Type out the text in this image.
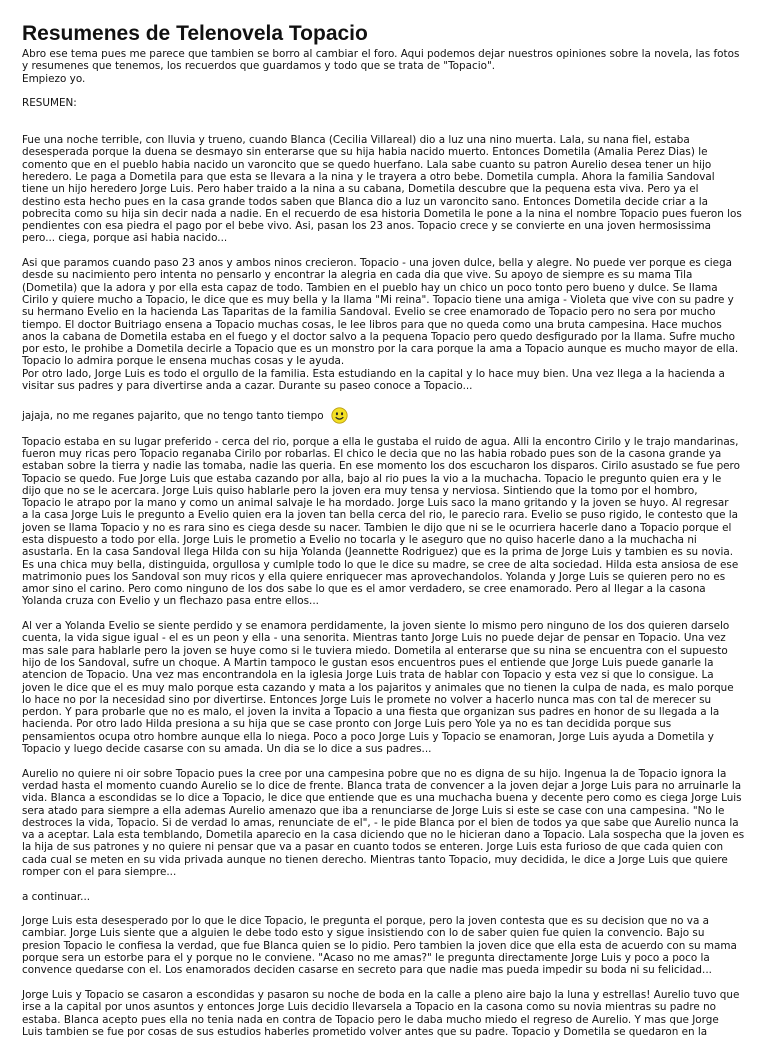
Resumenes de Telenovela Topacio
Abro ese tema pues me parece que tambien se borro al cambiar el foro. Aqui podemos dejar nuestros opiniones sobre la novela, las fotos
y resumenes que tenemos, los recuerdos que guardamos y todo que se trata de "Topacio".
Empiezo yo.
RESUMEN:
Fue una noche terrible, con lluvia y trueno, cuando Blanca (Cecilia Villareal) dio a luz una nino muerta. Lala, su nana fiel, estaba
desesperada porque la duena se desmayo sin enterarse que su hija habia nacido muerto. Entonces Dometila (Amalia Perez Dias) le
comento que en el pueblo habia nacido un varoncito que se quedo huerfano. Lala sabe cuanto su patron Aurelio desea tener un hijo
heredero. Le paga a Dometila para que esta se llevara a la nina y le trayera a otro bebe. Dometila cumpla. Ahora la familia Sandoval
tiene un hijo heredero Jorge Luis. Pero haber traido a la nina a su cabana, Dometila descubre que la pequena esta viva. Pero ya el
destino esta hecho pues en la casa grande todos saben que Blanca dio a luz un varoncito sano. Entonces Dometila decide criar a la
pobrecita como su hija sin decir nada a nadie. En el recuerdo de esa historia Dometila le pone a la nina el nombre Topacio pues fueron los
pendientes con esa piedra el pago por el bebe vivo. Asi, pasan los 23 anos. Topacio crece y se convierte en una joven hermosissima
pero... ciega, porque asi habia nacido...
Asi que paramos cuando paso 23 anos y ambos ninos crecieron. Topacio - una joven dulce, bella y alegre. No puede ver porque es ciega
desde su nacimiento pero intenta no pensarlo y encontrar la alegria en cada dia que vive. Su apoyo de siempre es su mama Tila
(Dometila) que la adora y por ella esta capaz de todo. Tambien en el pueblo hay un chico un poco tonto pero bueno y dulce. Se llama
Cirilo y quiere mucho a Topacio, le dice que es muy bella y la llama "Mi reina". Topacio tiene una amiga - Violeta que vive con su padre y
su hermano Evelio en la hacienda Las Taparitas de la familia Sandoval. Evelio se cree enamorado de Topacio pero no sera por mucho
tiempo. El doctor Buitriago ensena a Topacio muchas cosas, le lee libros para que no queda como una bruta campesina. Hace muchos
anos la cabana de Dometila estaba en el fuego y el doctor salvo a la pequena Topacio pero quedo desfigurado por la llama. Sufre mucho
por esto, le prohibe a Dometila decirle a Topacio que es un monstro por la cara porque la ama a Topacio aunque es mucho mayor de ella.
Topacio lo admira porque le ensena muchas cosas y le ayuda.
Por otro lado, Jorge Luis es todo el orgullo de la familia. Esta estudiando en la capital y lo hace muy bien. Una vez llega a la hacienda a
visitar sus padres y para divertirse anda a cazar. Durante su paseo conoce a Topacio...
jajaja, no me reganes pajarito, que no tengo tanto tiempo
Topacio estaba en su lugar preferido - cerca del rio, porque a ella le gustaba el ruido de agua. Alli la encontro Cirilo y le trajo mandarinas,
fueron muy ricas pero Topacio reganaba Cirilo por robarlas. El chico le decia que no las habia robado pues son de la casona grande ya
estaban sobre la tierra y nadie las tomaba, nadie las queria. En ese momento los dos escucharon los disparos. Cirilo asustado se fue pero
Topacio se quedo. Fue Jorge Luis que estaba cazando por alla, bajo al rio pues la vio a la muchacha. Topacio le pregunto quien era y le
dijo que no se le acercara. Jorge Luis quiso hablarle pero la joven era muy tensa y nerviosa. Sintiendo que la tomo por el hombro,
Topacio le atrapo por la mano y como un animal salvaje le ha mordado. Jorge Luis saco la mano gritando y la joven se huyo. Al regresar
a la casa Jorge Luis le pregunto a Evelio quien era la joven tan bella cerca del rio, le parecio rara. Evelio se puso rigido, le contesto que la
joven se llama Topacio y no es rara sino es ciega desde su nacer. Tambien le dijo que ni se le ocurriera hacerle dano a Topacio porque el
esta dispuesto a todo por ella. Jorge Luis le prometio a Evelio no tocarla y le aseguro que no quiso hacerle dano a la muchacha ni
asustarla. En la casa Sandoval llega Hilda con su hija Yolanda (Jeannette Rodriguez) que es la prima de Jorge Luis y tambien es su novia.
Es una chica muy bella, distinguida, orgullosa y cumlple todo lo que le dice su madre, se cree de alta sociedad. Hilda esta ansiosa de ese
matrimonio pues los Sandoval son muy ricos y ella quiere enriquecer mas aprovechandolos. Yolanda y Jorge Luis se quieren pero no es
amor sino el carino. Pero como ninguno de los dos sabe lo que es el amor verdadero, se cree enamorado. Pero al llegar a la casona
Yolanda cruza con Evelio y un flechazo pasa entre ellos...
Al ver a Yolanda Evelio se siente perdido y se enamora perdidamente, la joven siente lo mismo pero ninguno de los dos quieren darselo
cuenta, la vida sigue igual - el es un peon y ella - una senorita. Mientras tanto Jorge Luis no puede dejar de pensar en Topacio. Una vez
mas sale para hablarle pero la joven se huye como si le tuviera miedo. Dometila al enterarse que su nina se encuentra con el supuesto
hijo de los Sandoval, sufre un choque. A Martin tampoco le gustan esos encuentros pues el entiende que Jorge Luis puede ganarle la
atencion de Topacio. Una vez mas encontrandola en la iglesia Jorge Luis trata de hablar con Topacio y esta vez si que lo consigue. La
joven le dice que el es muy malo porque esta cazando y mata a los pajaritos y animales que no tienen la culpa de nada, es malo porque
lo hace no por la necesidad sino por divertirse. Entonces Jorge Luis le promete no volver a hacerlo nunca mas con tal de merecer su
perdon. Y para probarle que no es malo, el joven la invita a Topacio a una fiesta que organizan sus padres en honor de su llegada a la
hacienda. Por otro lado Hilda presiona a su hija que se case pronto con Jorge Luis pero Yole ya no es tan decidida porque sus
pensamientos ocupa otro hombre aunque ella lo niega. Poco a poco Jorge Luis y Topacio se enamoran, Jorge Luis ayuda a Dometila y
Topacio y luego decide casarse con su amada. Un dia se lo dice a sus padres...
Aurelio no quiere ni oir sobre Topacio pues la cree por una campesina pobre que no es digna de su hijo. Ingenua la de Topacio ignora la
verdad hasta el momento cuando Aurelio se lo dice de frente. Blanca trata de convencer a la joven dejar a Jorge Luis para no arruinarle la
vida. Blanca a escondidas se lo dice a Topacio, le dice que entiende que es una muchacha buena y decente pero como es ciega Jorge Luis
sera atado para siempre a ella ademas Aurelio amenazo que iba a renunciarse de Jorge Luis si este se case con una campesina. "No le
destroces la vida, Topacio. Si de verdad lo amas, renunciate de el", - le pide Blanca por el bien de todos ya que sabe que Aurelio nunca la
va a aceptar. Lala esta temblando, Dometila aparecio en la casa diciendo que no le hicieran dano a Topacio. Lala sospecha que la joven es
la hija de sus patrones y no quiere ni pensar que va a pasar en cuanto todos se enteren. Jorge Luis esta furioso de que cada quien con
cada cual se meten en su vida privada aunque no tienen derecho. Mientras tanto Topacio, muy decidida, le dice a Jorge Luis que quiere
romper con el para siempre...
a continuar...
Jorge Luis esta desesperado por lo que le dice Topacio, le pregunta el porque, pero la joven contesta que es su decision que no va a
cambiar. Jorge Luis siente que a alguien le debe todo esto y sigue insistiendo con lo de saber quien fue quien la convencio. Bajo su
presion Topacio le confiesa la verdad, que fue Blanca quien se lo pidio. Pero tambien la joven dice que ella esta de acuerdo con su mama
porque sera un estorbe para el y porque no le conviene. "Acaso no me amas?" le pregunta directamente Jorge Luis y poco a poco la
convence quedarse con el. Los enamorados deciden casarse en secreto para que nadie mas pueda impedir su boda ni su felicidad...
Jorge Luis y Topacio se casaron a escondidas y pasaron su noche de boda en la calle a pleno aire bajo la luna y estrellas! Aurelio tuvo que
irse a la capital por unos asuntos y entonces Jorge Luis decidio llevarsela a Topacio en la casona como su novia mientras su padre no
estaba. Blanca acepto pues ella no tenia nada en contra de Topacio pero le daba mucho miedo el regreso de Aurelio. Y mas que Jorge
Luis tambien se fue por cosas de sus estudios haberles prometido volver antes que su padre. Topacio y Dometila se quedaron en la
